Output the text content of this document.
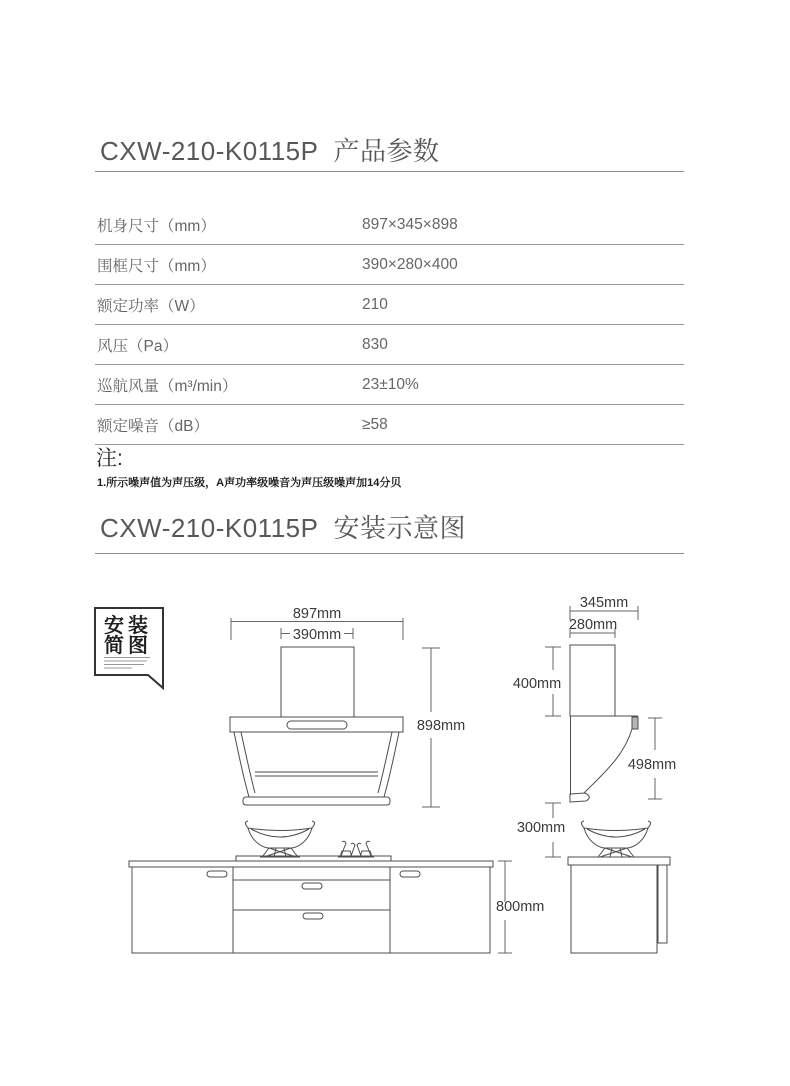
CXW-210-K0115P  产品参数
机身尺寸（mm）	897×345×898
围框尺寸（mm）	390×280×400
额定功率（W）	210
风压（Pa）	830
巡航风量（m³/min）	23±10%
额定噪音（dB）	≥58
注:
1.所示噪声值为声压级，A声功率级噪音为声压级噪声加14分贝
CXW-210-K0115P  安装示意图
安装
简图
897mm
390mm
898mm
345mm
280mm
400mm
498mm
300mm
800mm
